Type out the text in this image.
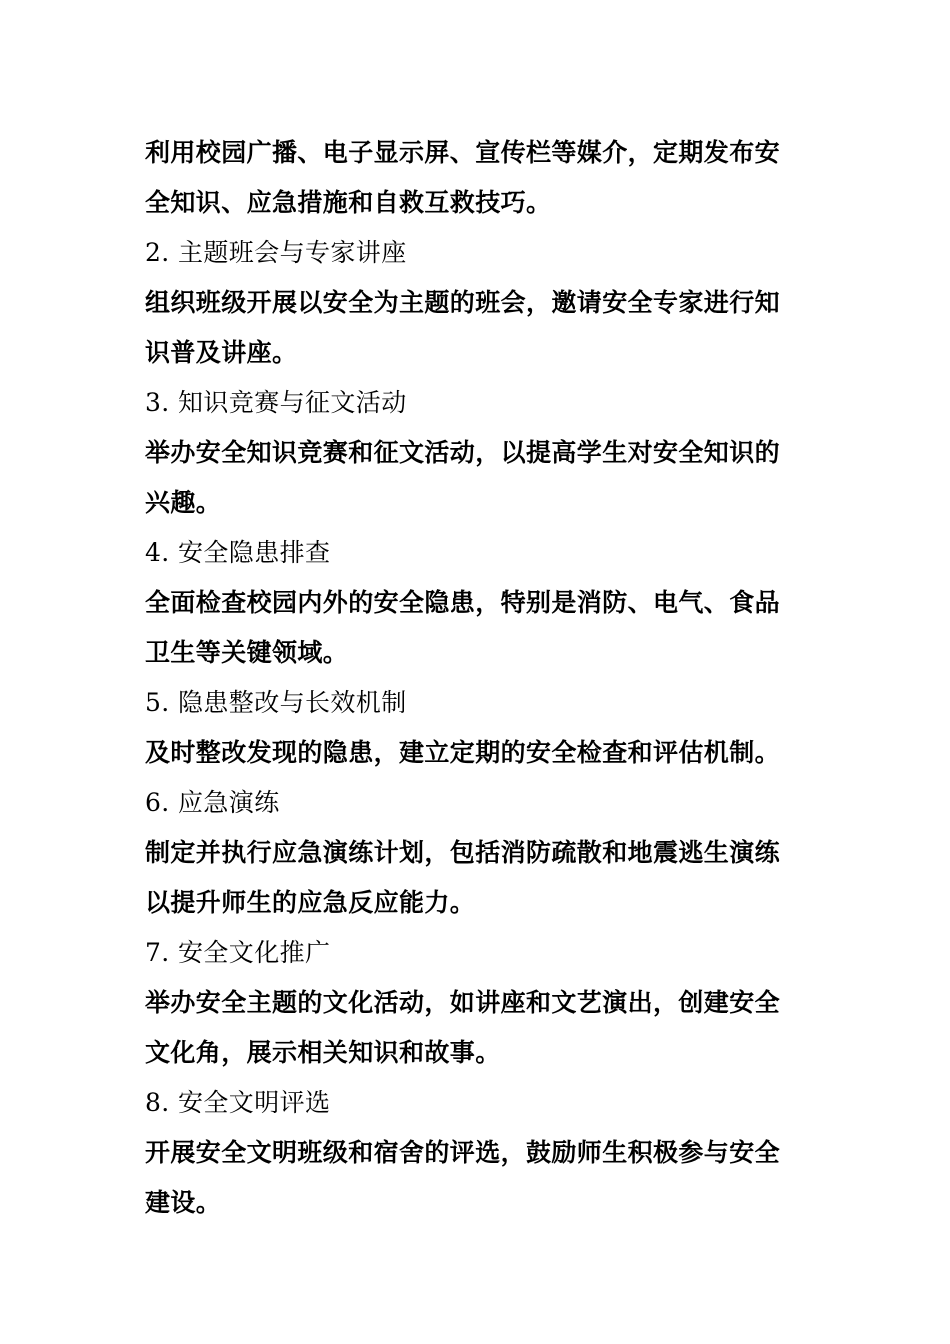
利用校园广播、电子显示屏、宣传栏等媒介，定期发布安
全知识、应急措施和自救互救技巧。
2. 主题班会与专家讲座
组织班级开展以安全为主题的班会，邀请安全专家进行知
识普及讲座。
3. 知识竞赛与征文活动
举办安全知识竞赛和征文活动，以提高学生对安全知识的
兴趣。
4. 安全隐患排查
全面检查校园内外的安全隐患，特别是消防、电气、食品
卫生等关键领域。
5. 隐患整改与长效机制
及时整改发现的隐患，建立定期的安全检查和评估机制。
6. 应急演练
制定并执行应急演练计划，包括消防疏散和地震逃生演练
以提升师生的应急反应能力。
7. 安全文化推广
举办安全主题的文化活动，如讲座和文艺演出，创建安全
文化角，展示相关知识和故事。
8. 安全文明评选
开展安全文明班级和宿舍的评选，鼓励师生积极参与安全
建设。
